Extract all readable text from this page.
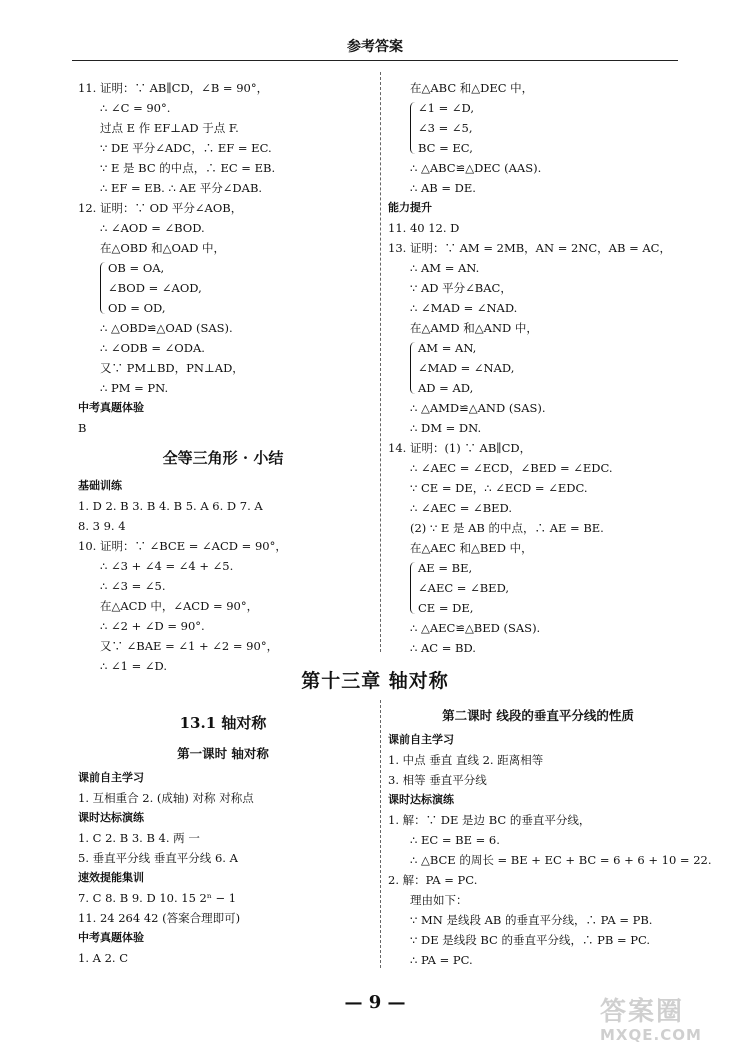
参考答案
11. 证明：∵ AB∥CD，∠B = 90°，
∴ ∠C = 90°.
过点 E 作 EF⊥AD 于点 F.
∵ DE 平分∠ADC，∴ EF = EC.
∵ E 是 BC 的中点，∴ EC = EB.
∴ EF = EB. ∴ AE 平分∠DAB.
12. 证明：∵ OD 平分∠AOB，
∴ ∠AOD = ∠BOD.
在△OBD 和△OAD 中，
OB = OA,
∠BOD = ∠AOD,
OD = OD,
∴ △OBD≌△OAD (SAS).
∴ ∠ODB = ∠ODA.
又∵ PM⊥BD，PN⊥AD，
∴ PM = PN.
中考真题体验
B
全等三角形 · 小结
基础训练
1. D 2. B 3. B 4. B 5. A 6. D 7. A
8. 3 9. 4
10. 证明：∵ ∠BCE = ∠ACD = 90°，
∴ ∠3 + ∠4 = ∠4 + ∠5.
∴ ∠3 = ∠5.
在△ACD 中，∠ACD = 90°，
∴ ∠2 + ∠D = 90°.
又∵ ∠BAE = ∠1 + ∠2 = 90°，
∴ ∠1 = ∠D.
在△ABC 和△DEC 中，
∠1 = ∠D,
∠3 = ∠5,
BC = EC,
∴ △ABC≌△DEC (AAS).
∴ AB = DE.
能力提升
11. 40 12. D
13. 证明：∵ AM = 2MB，AN = 2NC，AB = AC，
∴ AM = AN.
∵ AD 平分∠BAC，
∴ ∠MAD = ∠NAD.
在△AMD 和△AND 中，
AM = AN,
∠MAD = ∠NAD,
AD = AD,
∴ △AMD≌△AND (SAS).
∴ DM = DN.
14. 证明：(1) ∵ AB∥CD，
∴ ∠AEC = ∠ECD，∠BED = ∠EDC.
∵ CE = DE，∴ ∠ECD = ∠EDC.
∴ ∠AEC = ∠BED.
(2) ∵ E 是 AB 的中点，∴ AE = BE.
在△AEC 和△BED 中，
AE = BE,
∠AEC = ∠BED,
CE = DE,
∴ △AEC≌△BED (SAS).
∴ AC = BD.
第十三章 轴对称
13.1 轴对称
第一课时 轴对称
课前自主学习
1. 互相重合 2. (成轴) 对称 对称点
课时达标演练
1. C 2. B 3. B 4. 两 一
5. 垂直平分线 垂直平分线 6. A
速效提能集训
7. C 8. B 9. D 10. 15 2ⁿ − 1
11. 24 264 42 (答案合理即可)
中考真题体验
1. A 2. C
第二课时 线段的垂直平分线的性质
课前自主学习
1. 中点 垂直 直线 2. 距离相等
3. 相等 垂直平分线
课时达标演练
1. 解：∵ DE 是边 BC 的垂直平分线，
∴ EC = BE = 6.
∴ △BCE 的周长 = BE + EC + BC = 6 + 6 + 10 = 22.
2. 解：PA = PC.
理由如下：
∵ MN 是线段 AB 的垂直平分线，∴ PA = PB.
∵ DE 是线段 BC 的垂直平分线，∴ PB = PC.
∴ PA = PC.
— 9 —	答案圈
MXQE.COM
